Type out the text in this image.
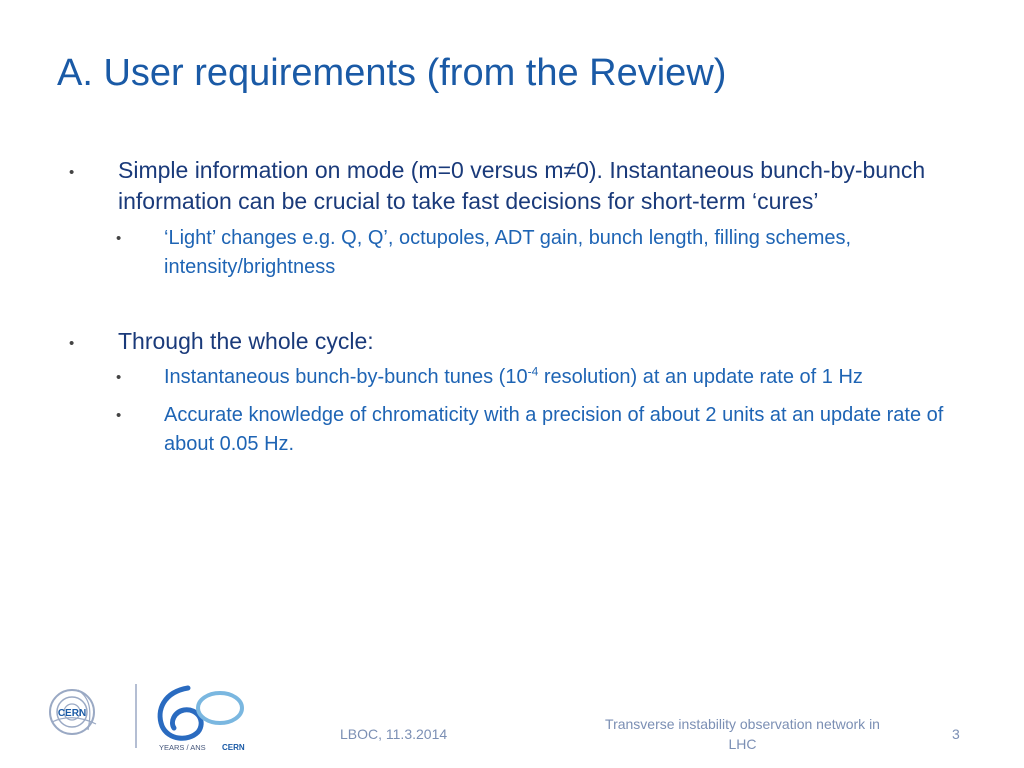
A. User requirements (from the Review)
• Simple information on mode (m=0 versus m≠0). Instantaneous bunch-by-bunch information can be crucial to take fast decisions for short-term ‘cures’
• ‘Light’ changes e.g. Q, Q’, octupoles, ADT gain, bunch length, filling schemes, intensity/brightness
• Through the whole cycle:
• Instantaneous bunch-by-bunch tunes ($10^{-4}$ resolution) at an update rate of 1 Hz
• Accurate knowledge of chromaticity with a precision of about 2 units at an update rate of about 0.05 Hz.
CERN
YEARS / ANS CERN
LBOC, 11.3.2014
Transverse instability observation network in LHC
3
